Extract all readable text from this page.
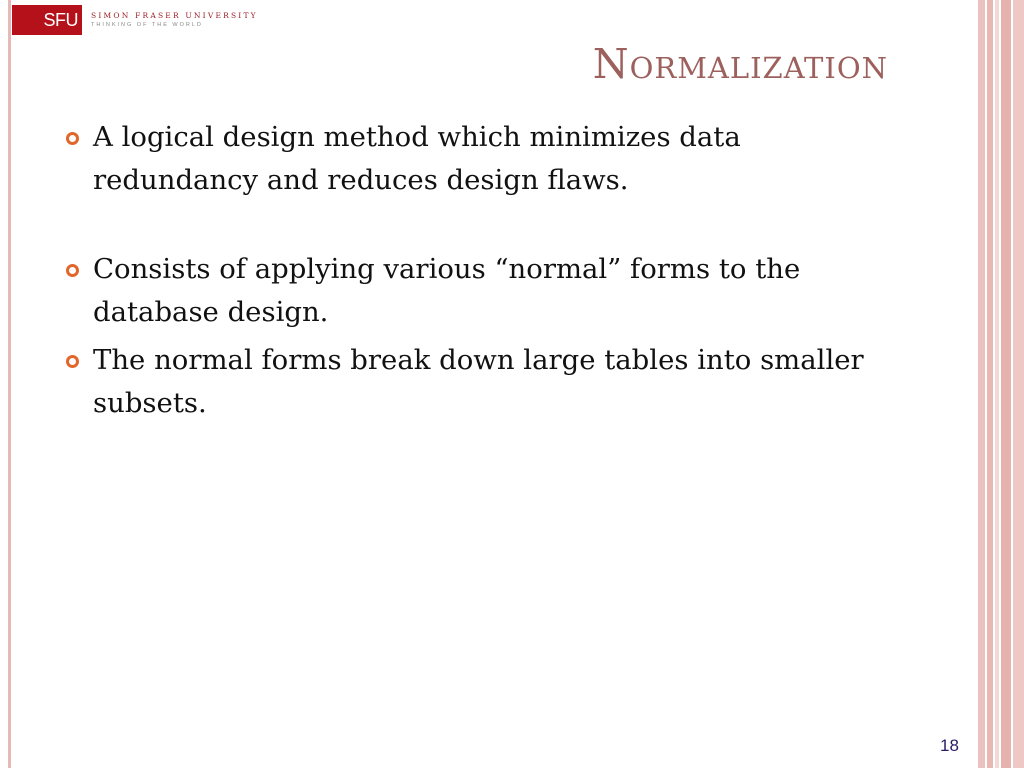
SFU	SIMON FRASER UNIVERSITY
THINKING OF THE WORLD
Normalization
A logical design method which minimizes data redundancy and reduces design flaws.
Consists of applying various “normal” forms to the database design.
The normal forms break down large tables into smaller subsets.
18
